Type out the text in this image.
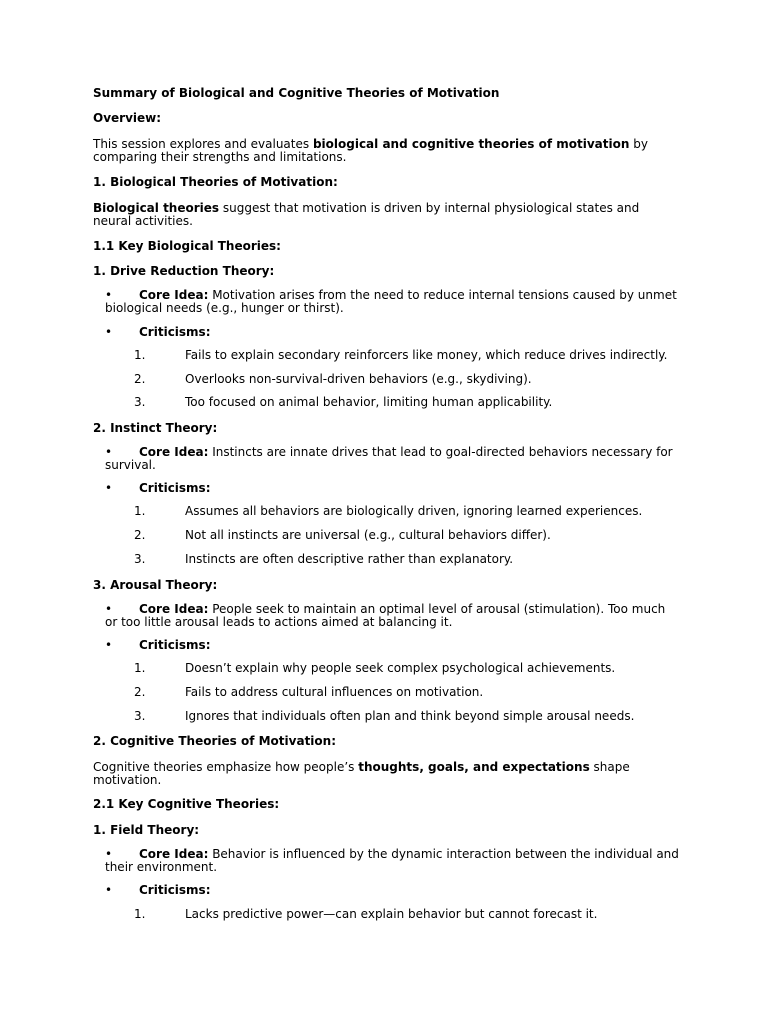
Summary of Biological and Cognitive Theories of Motivation
Overview:
This session explores and evaluates biological and cognitive theories of motivation by comparing their strengths and limitations.
1. Biological Theories of Motivation:
Biological theories suggest that motivation is driven by internal physiological states and neural activities.
1.1 Key Biological Theories:
1. Drive Reduction Theory:
• Core Idea: Motivation arises from the need to reduce internal tensions caused by unmet biological needs (e.g., hunger or thirst).
• Criticisms:
1.	Fails to explain secondary reinforcers like money, which reduce drives indirectly.
2.	Overlooks non-survival-driven behaviors (e.g., skydiving).
3.	Too focused on animal behavior, limiting human applicability.
2. Instinct Theory:
• Core Idea: Instincts are innate drives that lead to goal-directed behaviors necessary for survival.
• Criticisms:
1.	Assumes all behaviors are biologically driven, ignoring learned experiences.
2.	Not all instincts are universal (e.g., cultural behaviors differ).
3.	Instincts are often descriptive rather than explanatory.
3. Arousal Theory:
• Core Idea: People seek to maintain an optimal level of arousal (stimulation). Too much or too little arousal leads to actions aimed at balancing it.
• Criticisms:
1.	Doesn’t explain why people seek complex psychological achievements.
2.	Fails to address cultural influences on motivation.
3.	Ignores that individuals often plan and think beyond simple arousal needs.
2. Cognitive Theories of Motivation:
Cognitive theories emphasize how people’s thoughts, goals, and expectations shape motivation.
2.1 Key Cognitive Theories:
1. Field Theory:
• Core Idea: Behavior is influenced by the dynamic interaction between the individual and their environment.
• Criticisms:
1.	Lacks predictive power—can explain behavior but cannot forecast it.
